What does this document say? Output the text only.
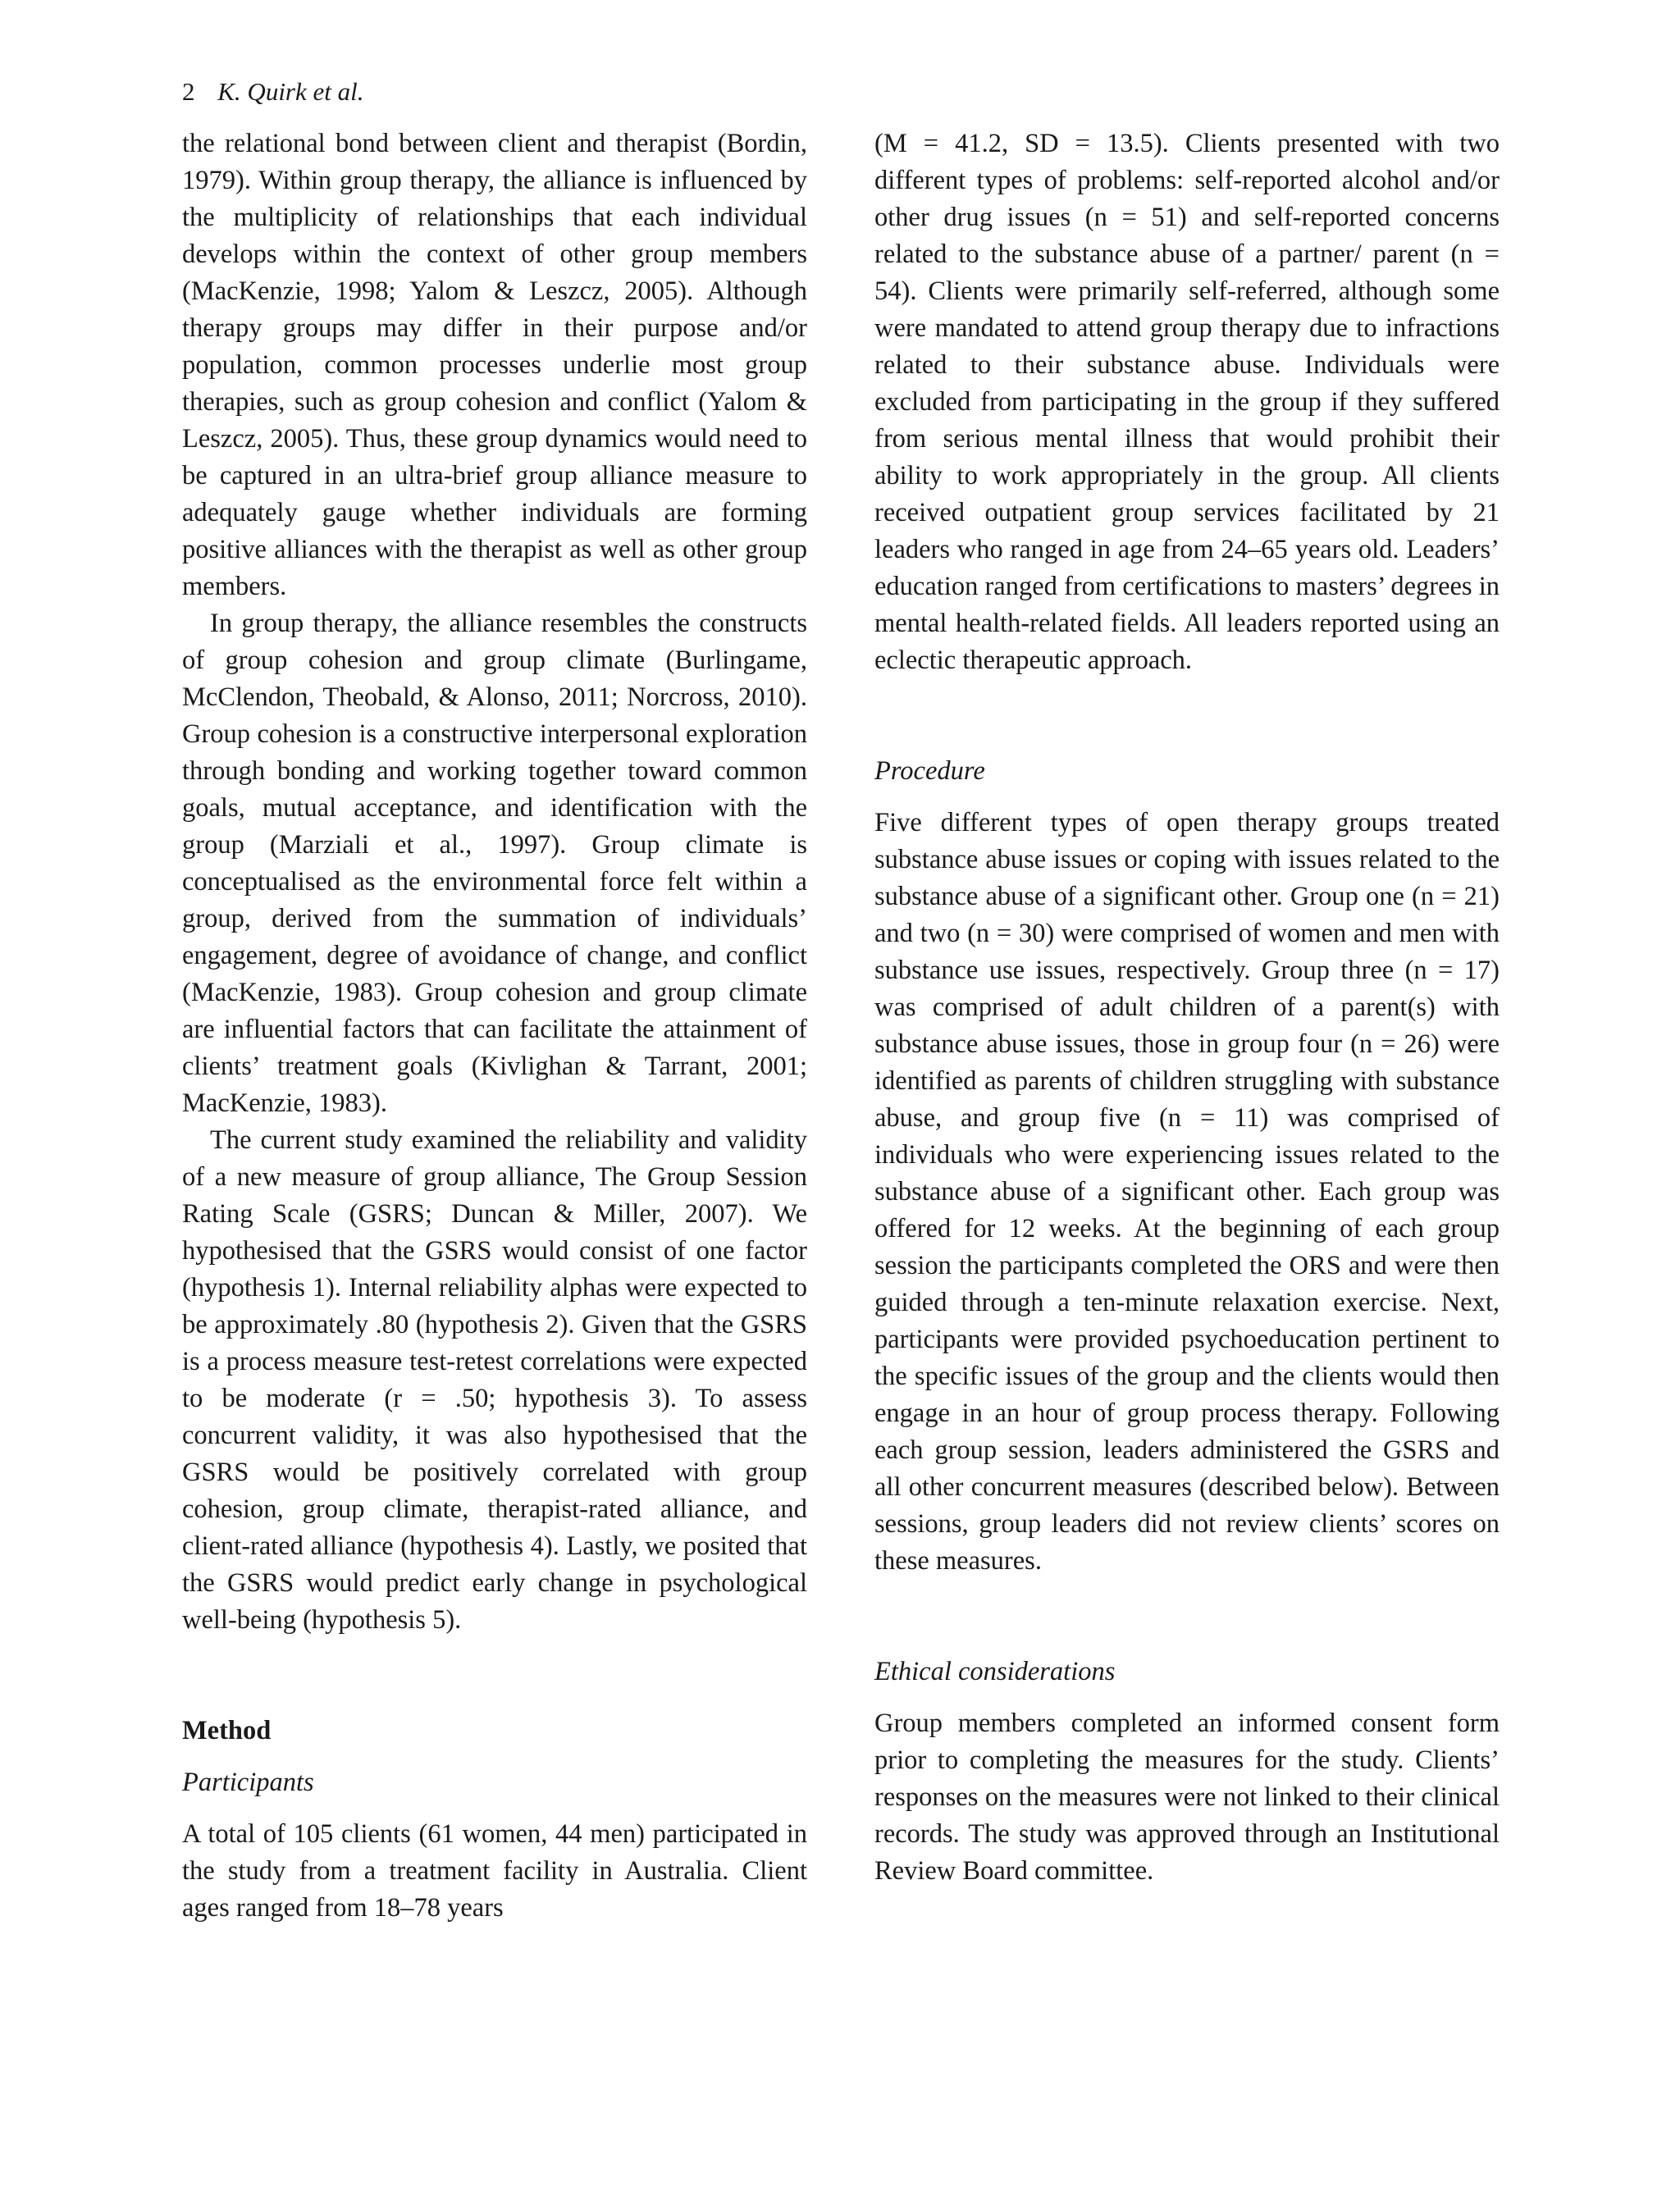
2 K. Quirk et al.

the relational bond between client and therapist (Bordin, 1979). Within group therapy, the alliance is influenced by the multiplicity of relationships that each individual develops within the context of other group members (MacKenzie, 1998; Yalom & Leszcz, 2005). Although therapy groups may differ in their purpose and/or population, common processes underlie most group therapies, such as group cohesion and conflict (Yalom & Leszcz, 2005). Thus, these group dynamics would need to be captured in an ultra-brief group alliance measure to adequately gauge whether individuals are forming positive alliances with the therapist as well as other group members.

In group therapy, the alliance resembles the constructs of group cohesion and group climate (Burlingame, McClendon, Theobald, & Alonso, 2011; Norcross, 2010). Group cohesion is a constructive interpersonal exploration through bonding and working together toward common goals, mutual acceptance, and identification with the group (Marziali et al., 1997). Group climate is conceptualised as the environmental force felt within a group, derived from the summation of individuals’ engagement, degree of avoidance of change, and conflict (MacKenzie, 1983). Group cohesion and group climate are influential factors that can facilitate the attainment of clients’ treatment goals (Kivlighan & Tarrant, 2001; MacKenzie, 1983).

The current study examined the reliability and validity of a new measure of group alliance, The Group Session Rating Scale (GSRS; Duncan & Miller, 2007). We hypothesised that the GSRS would consist of one factor (hypothesis 1). Internal reliability alphas were expected to be approximately .80 (hypothesis 2). Given that the GSRS is a process measure test-retest correlations were expected to be moderate (r = .50; hypothesis 3). To assess concurrent validity, it was also hypothesised that the GSRS would be positively correlated with group cohesion, group climate, therapist-rated alliance, and client-rated alliance (hypothesis 4). Lastly, we posited that the GSRS would predict early change in psychological well-being (hypothesis 5).

Method
Participants

A total of 105 clients (61 women, 44 men) participated in the study from a treatment facility in Australia. Client ages ranged from 18–78 years

(M = 41.2, SD = 13.5). Clients presented with two different types of problems: self-reported alcohol and/or other drug issues (n = 51) and self-reported concerns related to the substance abuse of a partner/ parent (n = 54). Clients were primarily self-referred, although some were mandated to attend group therapy due to infractions related to their substance abuse. Individuals were excluded from participating in the group if they suffered from serious mental illness that would prohibit their ability to work appropriately in the group. All clients received outpatient group services facilitated by 21 leaders who ranged in age from 24–65 years old. Leaders’ education ranged from certifications to masters’ degrees in mental health-related fields. All leaders reported using an eclectic therapeutic approach.

Procedure

Five different types of open therapy groups treated substance abuse issues or coping with issues related to the substance abuse of a significant other. Group one (n = 21) and two (n = 30) were comprised of women and men with substance use issues, respectively. Group three (n = 17) was comprised of adult children of a parent(s) with substance abuse issues, those in group four (n = 26) were identified as parents of children struggling with substance abuse, and group five (n = 11) was comprised of individuals who were experiencing issues related to the substance abuse of a significant other. Each group was offered for 12 weeks. At the beginning of each group session the participants completed the ORS and were then guided through a ten-minute relaxation exercise. Next, participants were provided psychoeducation pertinent to the specific issues of the group and the clients would then engage in an hour of group process therapy. Following each group session, leaders administered the GSRS and all other concurrent measures (described below). Between sessions, group leaders did not review clients’ scores on these measures.

Ethical considerations

Group members completed an informed consent form prior to completing the measures for the study. Clients’ responses on the measures were not linked to their clinical records. The study was approved through an Institutional Review Board committee.
